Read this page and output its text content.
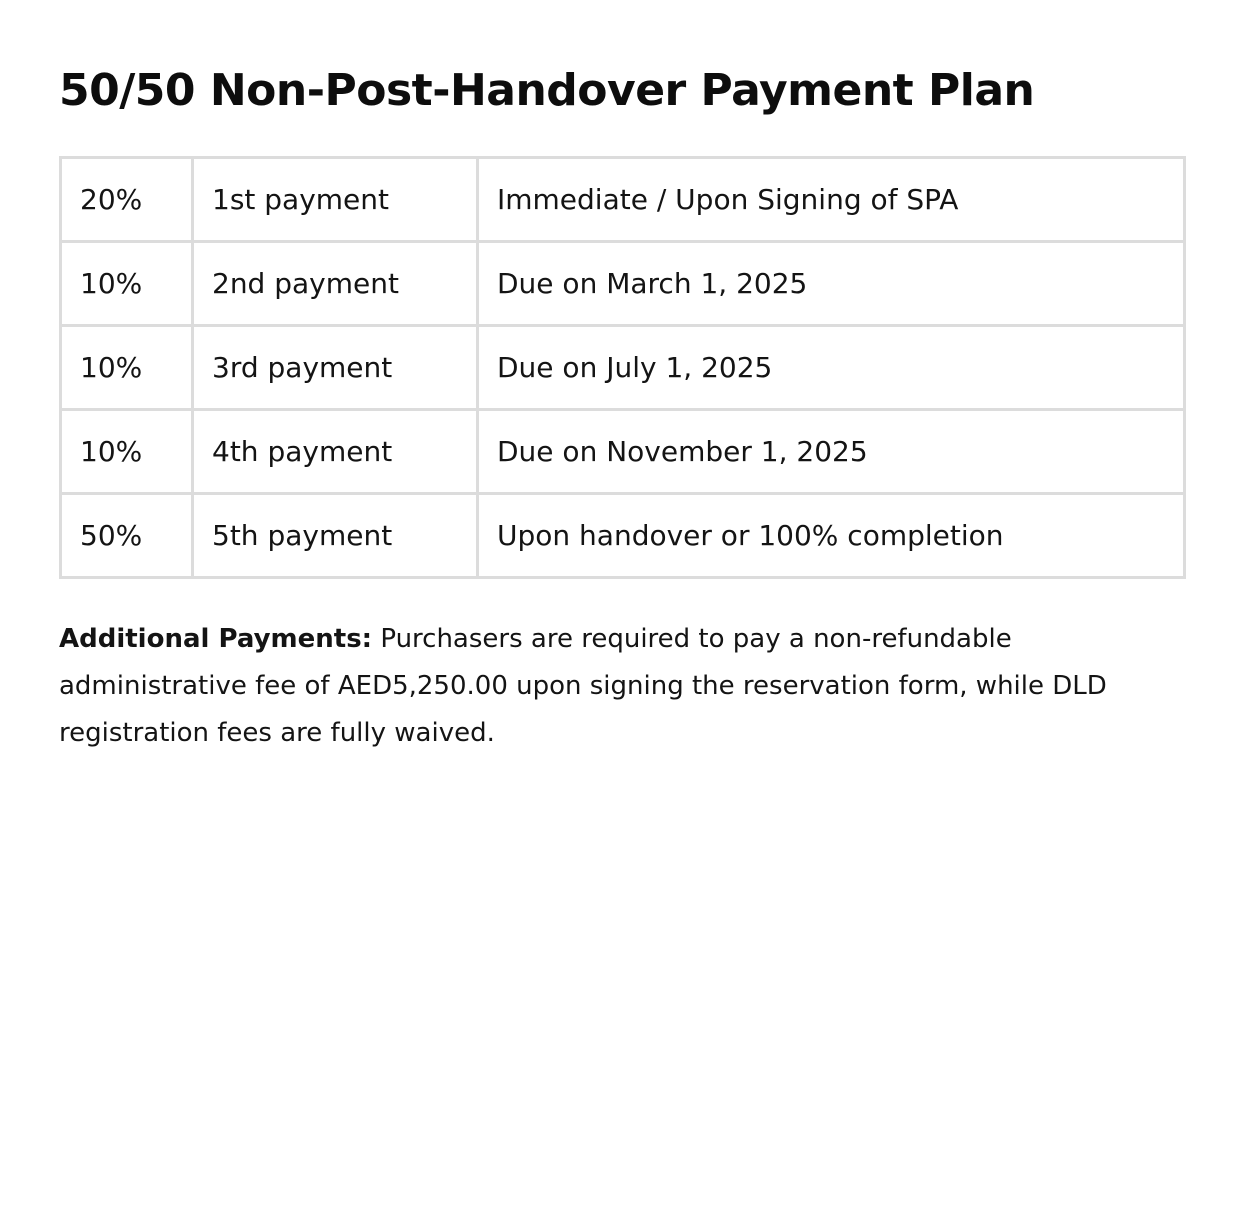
50/50 Non-Post-Handover Payment Plan
20%	1st payment	Immediate / Upon Signing of SPA
10%	2nd payment	Due on March 1, 2025
10%	3rd payment	Due on July 1, 2025
10%	4th payment	Due on November 1, 2025
50%	5th payment	Upon handover or 100% completion

Additional Payments: Purchasers are required to pay a non-refundable administrative fee of AED5,250.00 upon signing the reservation form, while DLD registration fees are fully waived.
